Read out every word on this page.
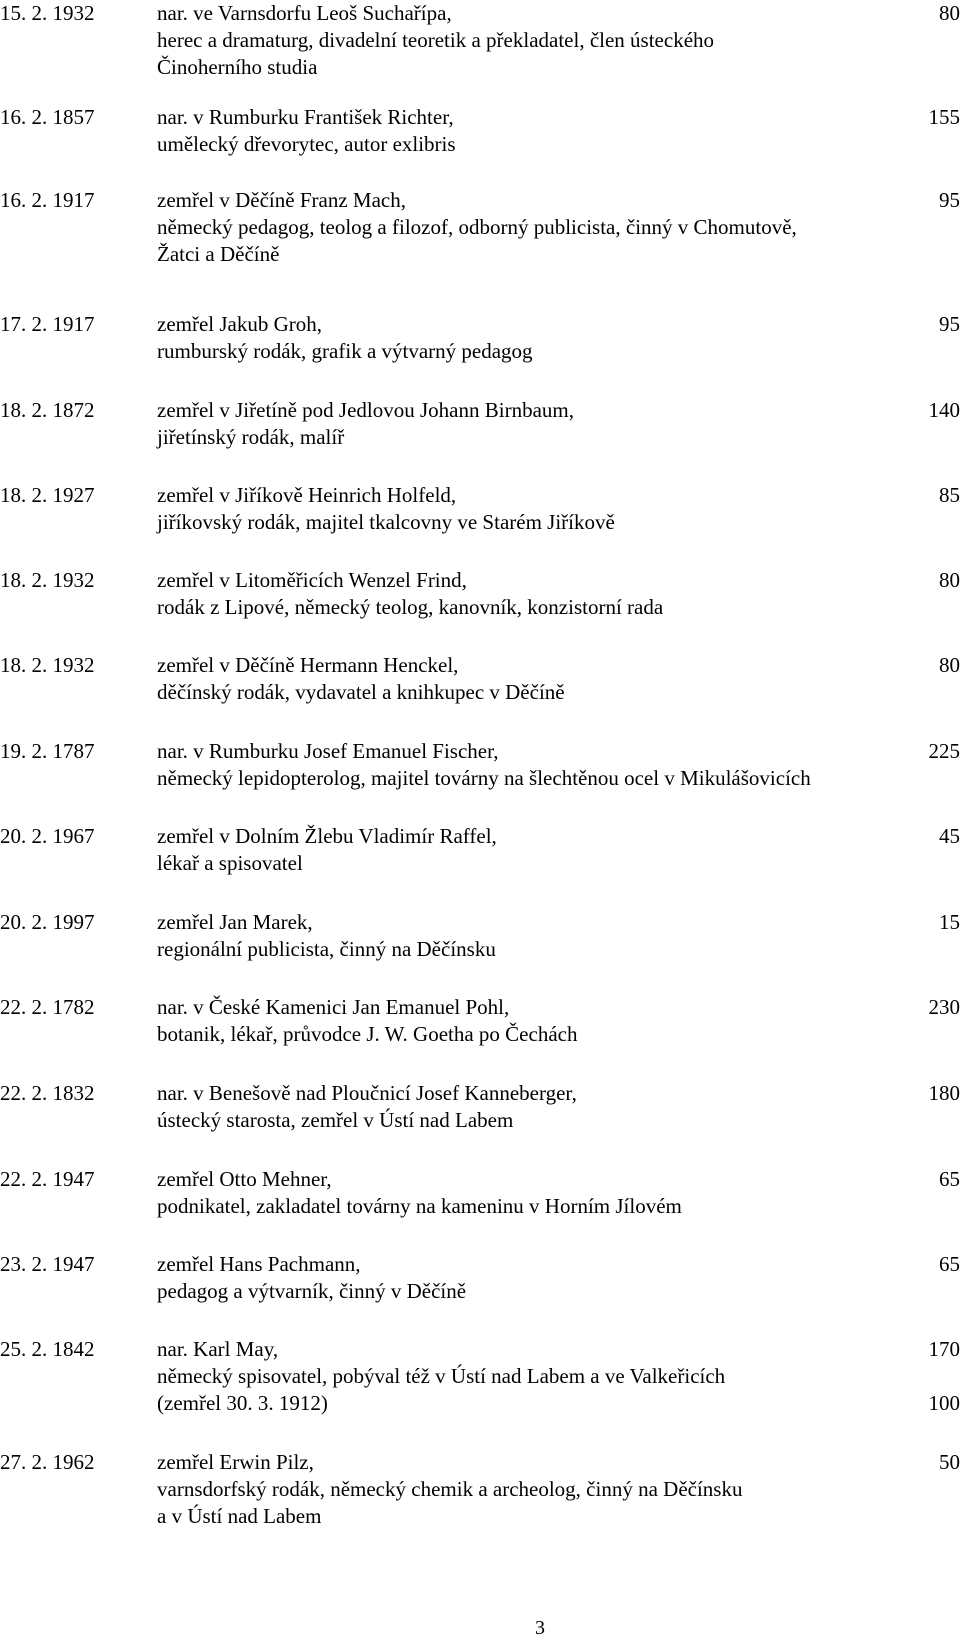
15. 2. 1932	nar. ve Varnsdorfu Leoš Suchařípa,
herec a dramaturg, divadelní teoretik a překladatel, člen ústeckého
Činoherního studia
80
16. 2. 1857	nar. v Rumburku František Richter,
umělecký dřevorytec, autor exlibris
155
16. 2. 1917	zemřel v Děčíně Franz Mach,
německý pedagog, teolog a filozof, odborný publicista, činný v Chomutově,
Žatci a Děčíně
95
17. 2. 1917	zemřel Jakub Groh,
rumburský rodák, grafik a výtvarný pedagog
95
18. 2. 1872	zemřel v Jiřetíně pod Jedlovou Johann Birnbaum,
jiřetínský rodák, malíř
140
18. 2. 1927	zemřel v Jiříkově Heinrich Holfeld,
jiříkovský rodák, majitel tkalcovny ve Starém Jiříkově
85
18. 2. 1932	zemřel v Litoměřicích Wenzel Frind,
rodák z Lipové, německý teolog, kanovník, konzistorní rada
80
18. 2. 1932	zemřel v Děčíně Hermann Henckel,
děčínský rodák, vydavatel a knihkupec v Děčíně
80
19. 2. 1787	nar. v Rumburku Josef Emanuel Fischer,
německý lepidopterolog, majitel továrny na šlechtěnou ocel v Mikulášovicích
225
20. 2. 1967	zemřel v Dolním Žlebu Vladimír Raffel,
lékař a spisovatel
45
20. 2. 1997	zemřel Jan Marek,
regionální publicista, činný na Děčínsku
15
22. 2. 1782	nar. v České Kamenici Jan Emanuel Pohl,
botanik, lékař, průvodce J. W. Goetha po Čechách
230
22. 2. 1832	nar. v Benešově nad Ploučnicí Josef Kanneberger,
ústecký starosta, zemřel v Ústí nad Labem
180
22. 2. 1947	zemřel Otto Mehner,
podnikatel, zakladatel továrny na kameninu v Horním Jílovém
65
23. 2. 1947	zemřel Hans Pachmann,
pedagog a výtvarník, činný v Děčíně
65
25. 2. 1842	nar. Karl May,
německý spisovatel, pobýval též v Ústí nad Labem a ve Valkeřicích
(zemřel 30. 3. 1912)
170
100
27. 2. 1962	zemřel Erwin Pilz,
varnsdorfský rodák, německý chemik a archeolog, činný na Děčínsku
a v Ústí nad Labem
50
3
